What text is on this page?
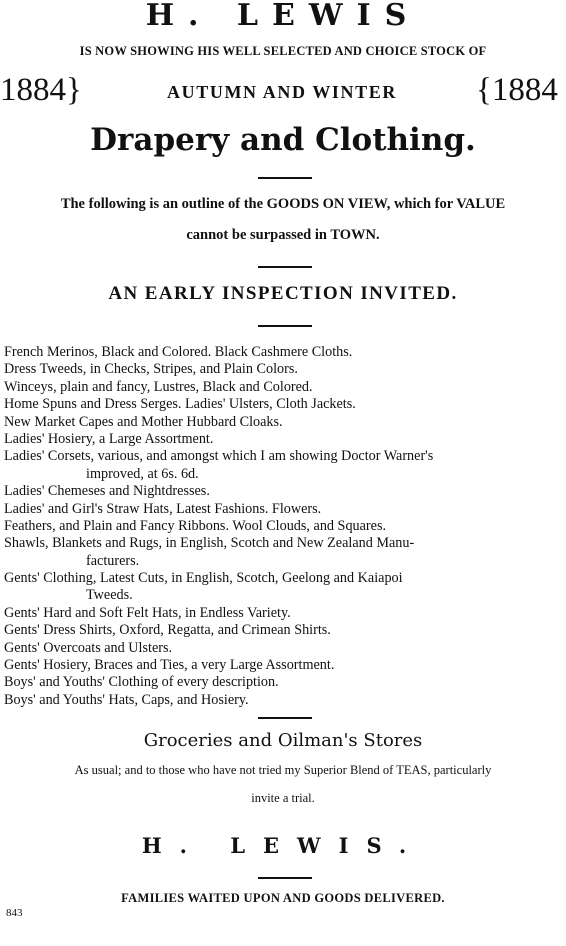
H. LEWIS
IS NOW SHOWING HIS WELL SELECTED AND CHOICE STOCK OF
1884}	AUTUMN AND WINTER	{1884
Drapery and Clothing.
The following is an outline of the GOODS ON VIEW, which for VALUE
cannot be surpassed in TOWN.
AN EARLY INSPECTION INVITED.
French Merinos, Black and Colored. Black Cashmere Cloths.
Dress Tweeds, in Checks, Stripes, and Plain Colors.
Winceys, plain and fancy, Lustres, Black and Colored.
Home Spuns and Dress Serges. Ladies' Ulsters, Cloth Jackets.
New Market Capes and Mother Hubbard Cloaks.
Ladies' Hosiery, a Large Assortment.
Ladies' Corsets, various, and amongst which I am showing Doctor Warner's
improved, at 6s. 6d.
Ladies' Chemeses and Nightdresses.
Ladies' and Girl's Straw Hats, Latest Fashions. Flowers.
Feathers, and Plain and Fancy Ribbons. Wool Clouds, and Squares.
Shawls, Blankets and Rugs, in English, Scotch and New Zealand Manu-
facturers.
Gents' Clothing, Latest Cuts, in English, Scotch, Geelong and Kaiapoi
Tweeds.
Gents' Hard and Soft Felt Hats, in Endless Variety.
Gents' Dress Shirts, Oxford, Regatta, and Crimean Shirts.
Gents' Overcoats and Ulsters.
Gents' Hosiery, Braces and Ties, a very Large Assortment.
Boys' and Youths' Clothing of every description.
Boys' and Youths' Hats, Caps, and Hosiery.
Groceries and Oilman's Stores
As usual; and to those who have not tried my Superior Blend of TEAS, particularly
invite a trial.
H. LEWIS.
FAMILIES WAITED UPON AND GOODS DELIVERED.
843
